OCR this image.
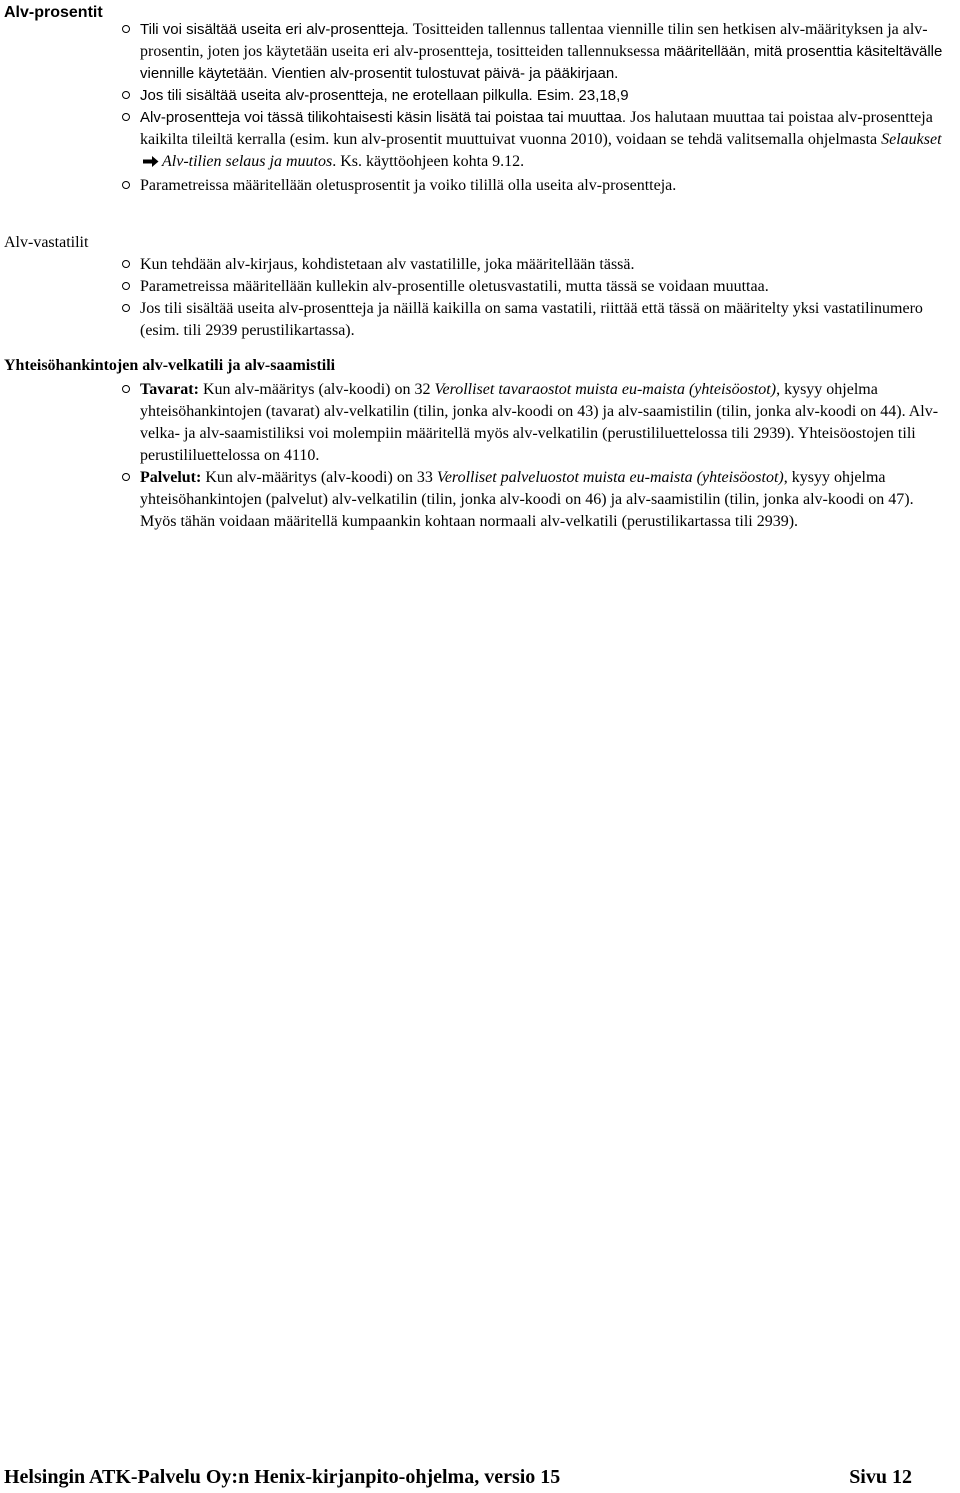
Alv-prosentit
Tili voi sisältää useita eri alv-prosentteja. Tositteiden tallennus tallentaa viennille tilin sen hetkisen alv-määrityksen ja alv-prosentin, joten jos käytetään useita eri alv-prosentteja, tositteiden tallennuksessa määritellään, mitä prosenttia käsiteltävälle viennille käytetään. Vientien alv-prosentit tulostuvat päivä- ja pääkirjaan.
Jos tili sisältää useita alv-prosentteja, ne erotellaan pilkulla. Esim. 23,18,9
Alv-prosentteja voi tässä tilikohtaisesti käsin lisätä tai poistaa tai muuttaa. Jos halutaan muuttaa tai poistaa alv-prosentteja kaikilta tileiltä kerralla (esim. kun alv-prosentit muuttuivat vuonna 2010), voidaan se tehdä valitsemalla ohjelmasta Selaukset Alv-tilien selaus ja muutos. Ks. käyttöohjeen kohta 9.12.
Parametreissa määritellään oletusprosentit ja voiko tilillä olla useita alv-prosentteja.
Alv-vastatilit
Kun tehdään alv-kirjaus, kohdistetaan alv vastatilille, joka määritellään tässä.
Parametreissa määritellään kullekin alv-prosentille oletusvastatili, mutta tässä se voidaan muuttaa.
Jos tili sisältää useita alv-prosentteja ja näillä kaikilla on sama vastatili, riittää että tässä on määritelty yksi vastatilinumero (esim. tili 2939 perustilikartassa).
Yhteisöhankintojen alv-velkatili ja alv-saamistili
Tavarat: Kun alv-määritys (alv-koodi) on 32 Verolliset tavaraostot muista eu-maista (yhteisöostot), kysyy ohjelma yhteisöhankintojen (tavarat) alv-velkatilin (tilin, jonka alv-koodi on 43) ja alv-saamistilin (tilin, jonka alv-koodi on 44). Alv-velka- ja alv-saamistiliksi voi molempiin määritellä myös alv-velkatilin (perustililuettelossa tili 2939). Yhteisöostojen tili perustililuettelossa on 4110.
Palvelut: Kun alv-määritys (alv-koodi) on 33 Verolliset palveluostot muista eu-maista (yhteisöostot), kysyy ohjelma yhteisöhankintojen (palvelut) alv-velkatilin (tilin, jonka alv-koodi on 46) ja alv-saamistilin (tilin, jonka alv-koodi on 47). Myös tähän voidaan määritellä kumpaankin kohtaan normaali alv-velkatili (perustilikartassa tili 2939).
Helsingin ATK-Palvelu Oy:n Henix-kirjanpito-ohjelma, versio 15	Sivu 12
